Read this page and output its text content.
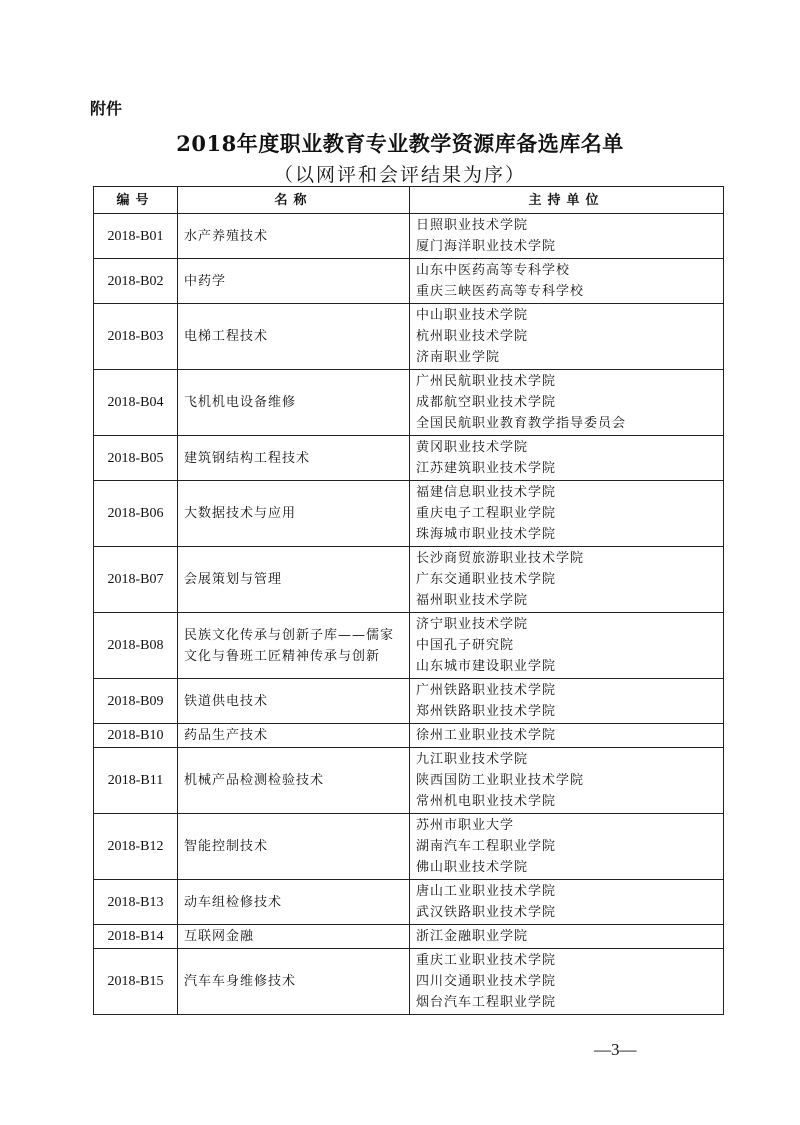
附件
2018年度职业教育专业教学资源库备选库名单
（以网评和会评结果为序）
编号	名称	主持单位
2018-B01	水产养殖技术	日照职业技术学院
厦门海洋职业技术学院

2018-B02	中药学	山东中医药高等专科学校
重庆三峡医药高等专科学校

2018-B03	电梯工程技术	中山职业技术学院
杭州职业技术学院
济南职业学院

2018-B04	飞机机电设备维修	广州民航职业技术学院
成都航空职业技术学院
全国民航职业教育教学指导委员会

2018-B05	建筑钢结构工程技术	黄冈职业技术学院
江苏建筑职业技术学院

2018-B06	大数据技术与应用	福建信息职业技术学院
重庆电子工程职业学院
珠海城市职业技术学院

2018-B07	会展策划与管理	长沙商贸旅游职业技术学院
广东交通职业技术学院
福州职业技术学院

2018-B08	民族文化传承与创新子库——儒家文化与鲁班工匠精神传承与创新	济宁职业技术学院
中国孔子研究院
山东城市建设职业学院

2018-B09	铁道供电技术	广州铁路职业技术学院
郑州铁路职业技术学院

2018-B10	药品生产技术	徐州工业职业技术学院

2018-B11	机械产品检测检验技术	九江职业技术学院
陕西国防工业职业技术学院
常州机电职业技术学院

2018-B12	智能控制技术	苏州市职业大学
湖南汽车工程职业学院
佛山职业技术学院

2018-B13	动车组检修技术	唐山工业职业技术学院
武汉铁路职业技术学院

2018-B14	互联网金融	浙江金融职业学院

2018-B15	汽车车身维修技术	重庆工业职业技术学院
四川交通职业技术学院
烟台汽车工程职业学院
—3—
